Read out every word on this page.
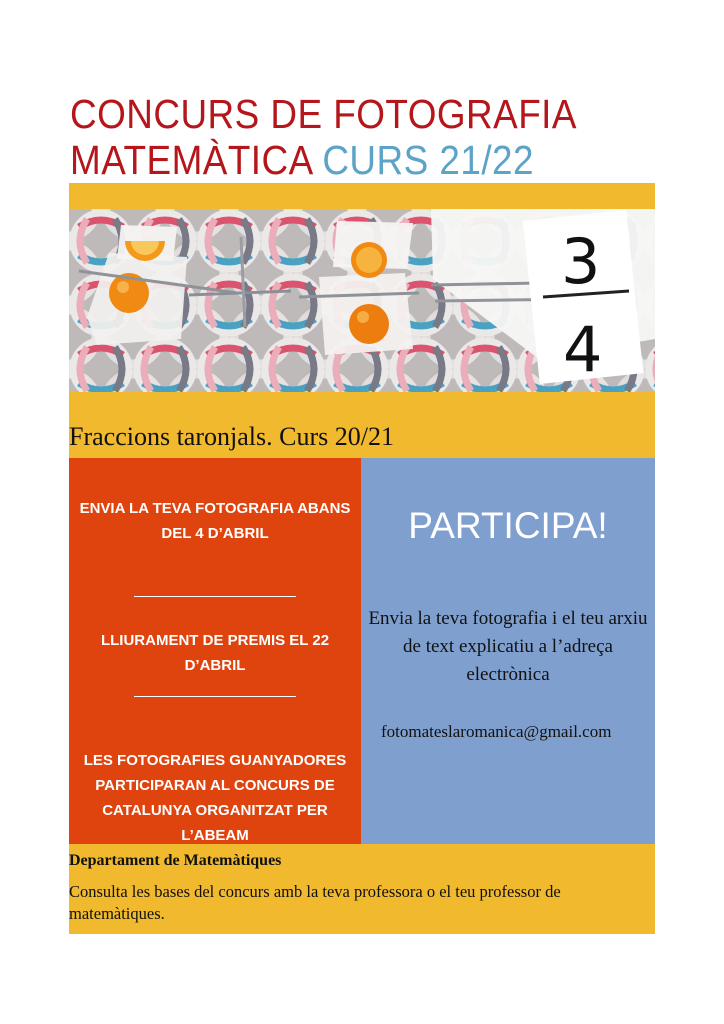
CONCURS DE FOTOGRAFIA
MATEMÀTICA CURS 21/22
3
4
Fraccions taronjals. Curs 20/21
ENVIA LA TEVA FOTOGRAFIA ABANS DEL 4 D’ABRIL
LLIURAMENT DE PREMIS EL 22 D’ABRIL
LES FOTOGRAFIES GUANYADORES PARTICIPARAN AL CONCURS DE CATALUNYA ORGANITZAT PER L’ABEAM
PARTICIPA!
Envia la teva fotografia i el teu arxiu de text explicatiu a l’adreça electrònica
fotomateslaromanica@gmail.com
Departament de Matemàtiques
Consulta les bases del concurs amb la teva professora o el teu professor de matemàtiques.
